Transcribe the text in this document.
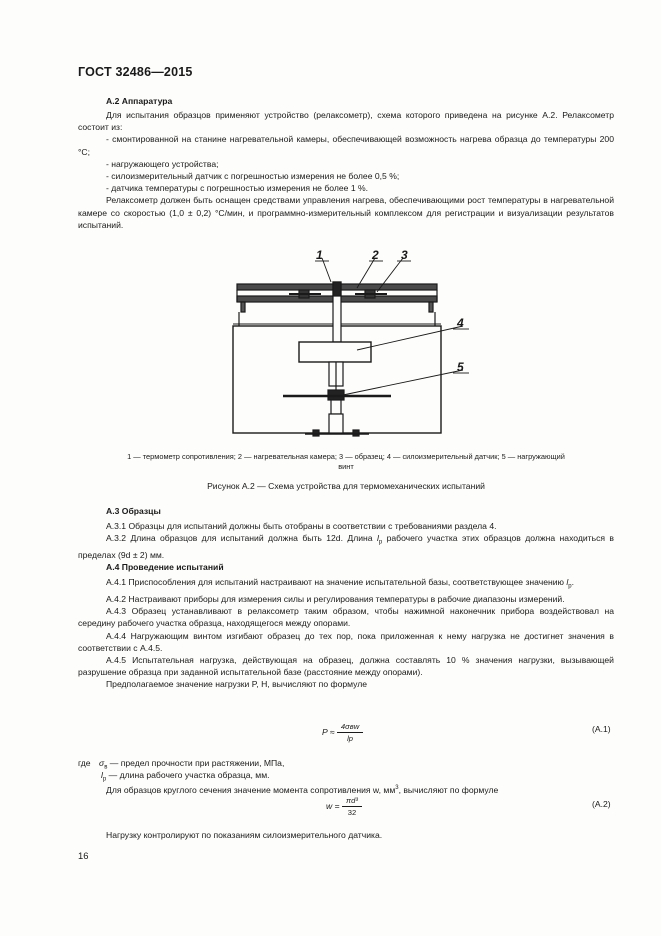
ГОСТ 32486—2015
А.2 Аппаратура

Для испытания образцов применяют устройство (релаксометр), схема которого приведена на рисунке А.2. Релаксометр состоит из:

- смонтированной на станине нагревательной камеры, обеспечивающей возможность нагрева образца до температуры 200 °С;

- нагружающего устройства;

- силоизмерительный датчик с погрешностью измерения не более 0,5 %;

- датчика температуры с погрешностью измерения не более 1 %.

Релаксометр должен быть оснащен средствами управления нагрева, обеспечивающими рост температуры в нагревательной камере со скоростью (1,0 ± 0,2) °С/мин, и программно-измерительный комплексом для регистрации и визуализации результатов испытаний.

1	2 3
4
5
1 — термометр сопротивления; 2 — нагревательная камера; 3 — образец; 4 — силоизмерительный датчик; 5 — нагружающий
винт
Рисунок А.2 — Схема устройства для термомеханических испытаний
А.3 Образцы

А.3.1 Образцы для испытаний должны быть отобраны в соответствии с требованиями раздела 4.

А.3.2 Длина образцов для испытаний должна быть 12d. Длина $l_р$ рабочего участка этих образцов должна находиться в пределах (9d ± 2) мм.

А.4 Проведение испытаний

А.4.1 Приспособления для испытаний настраивают на значение испытательной базы, соответствующее значению $l_р$.

А.4.2 Настраивают приборы для измерения силы и регулирования температуры в рабочие диапазоны измерений.

А.4.3 Образец устанавливают в релаксометр таким образом, чтобы нажимной наконечник прибора воздействовал на середину рабочего участка образца, находящегося между опорами.

А.4.4 Нагружающим винтом изгибают образец до тех пор, пока приложенная к нему нагрузка не достигнет значения в соответствии с А.4.5.

А.4.5 Испытательная нагрузка, действующая на образец, должна составлять 10 % значения нагрузки, вызывающей разрушение образца при заданной испытательной базе (расстояние между опорами).

Предполагаемое значение нагрузки P, Н, вычисляют по формуле

$P \approx \frac{\text{4σвw}}{lр}$	(А.1)
где $\sigma_в$ — предел прочности при растяжении, МПа,
$l_р$ — длина рабочего участка образца, мм.
Для образцов круглого сечения значение момента сопротивления w, $мм^3$, вычисляют по формуле
$w = \frac{\text{πd³}}{32}$	(А.2)
Нагрузку контролируют по показаниям силоизмерительного датчика.
16
